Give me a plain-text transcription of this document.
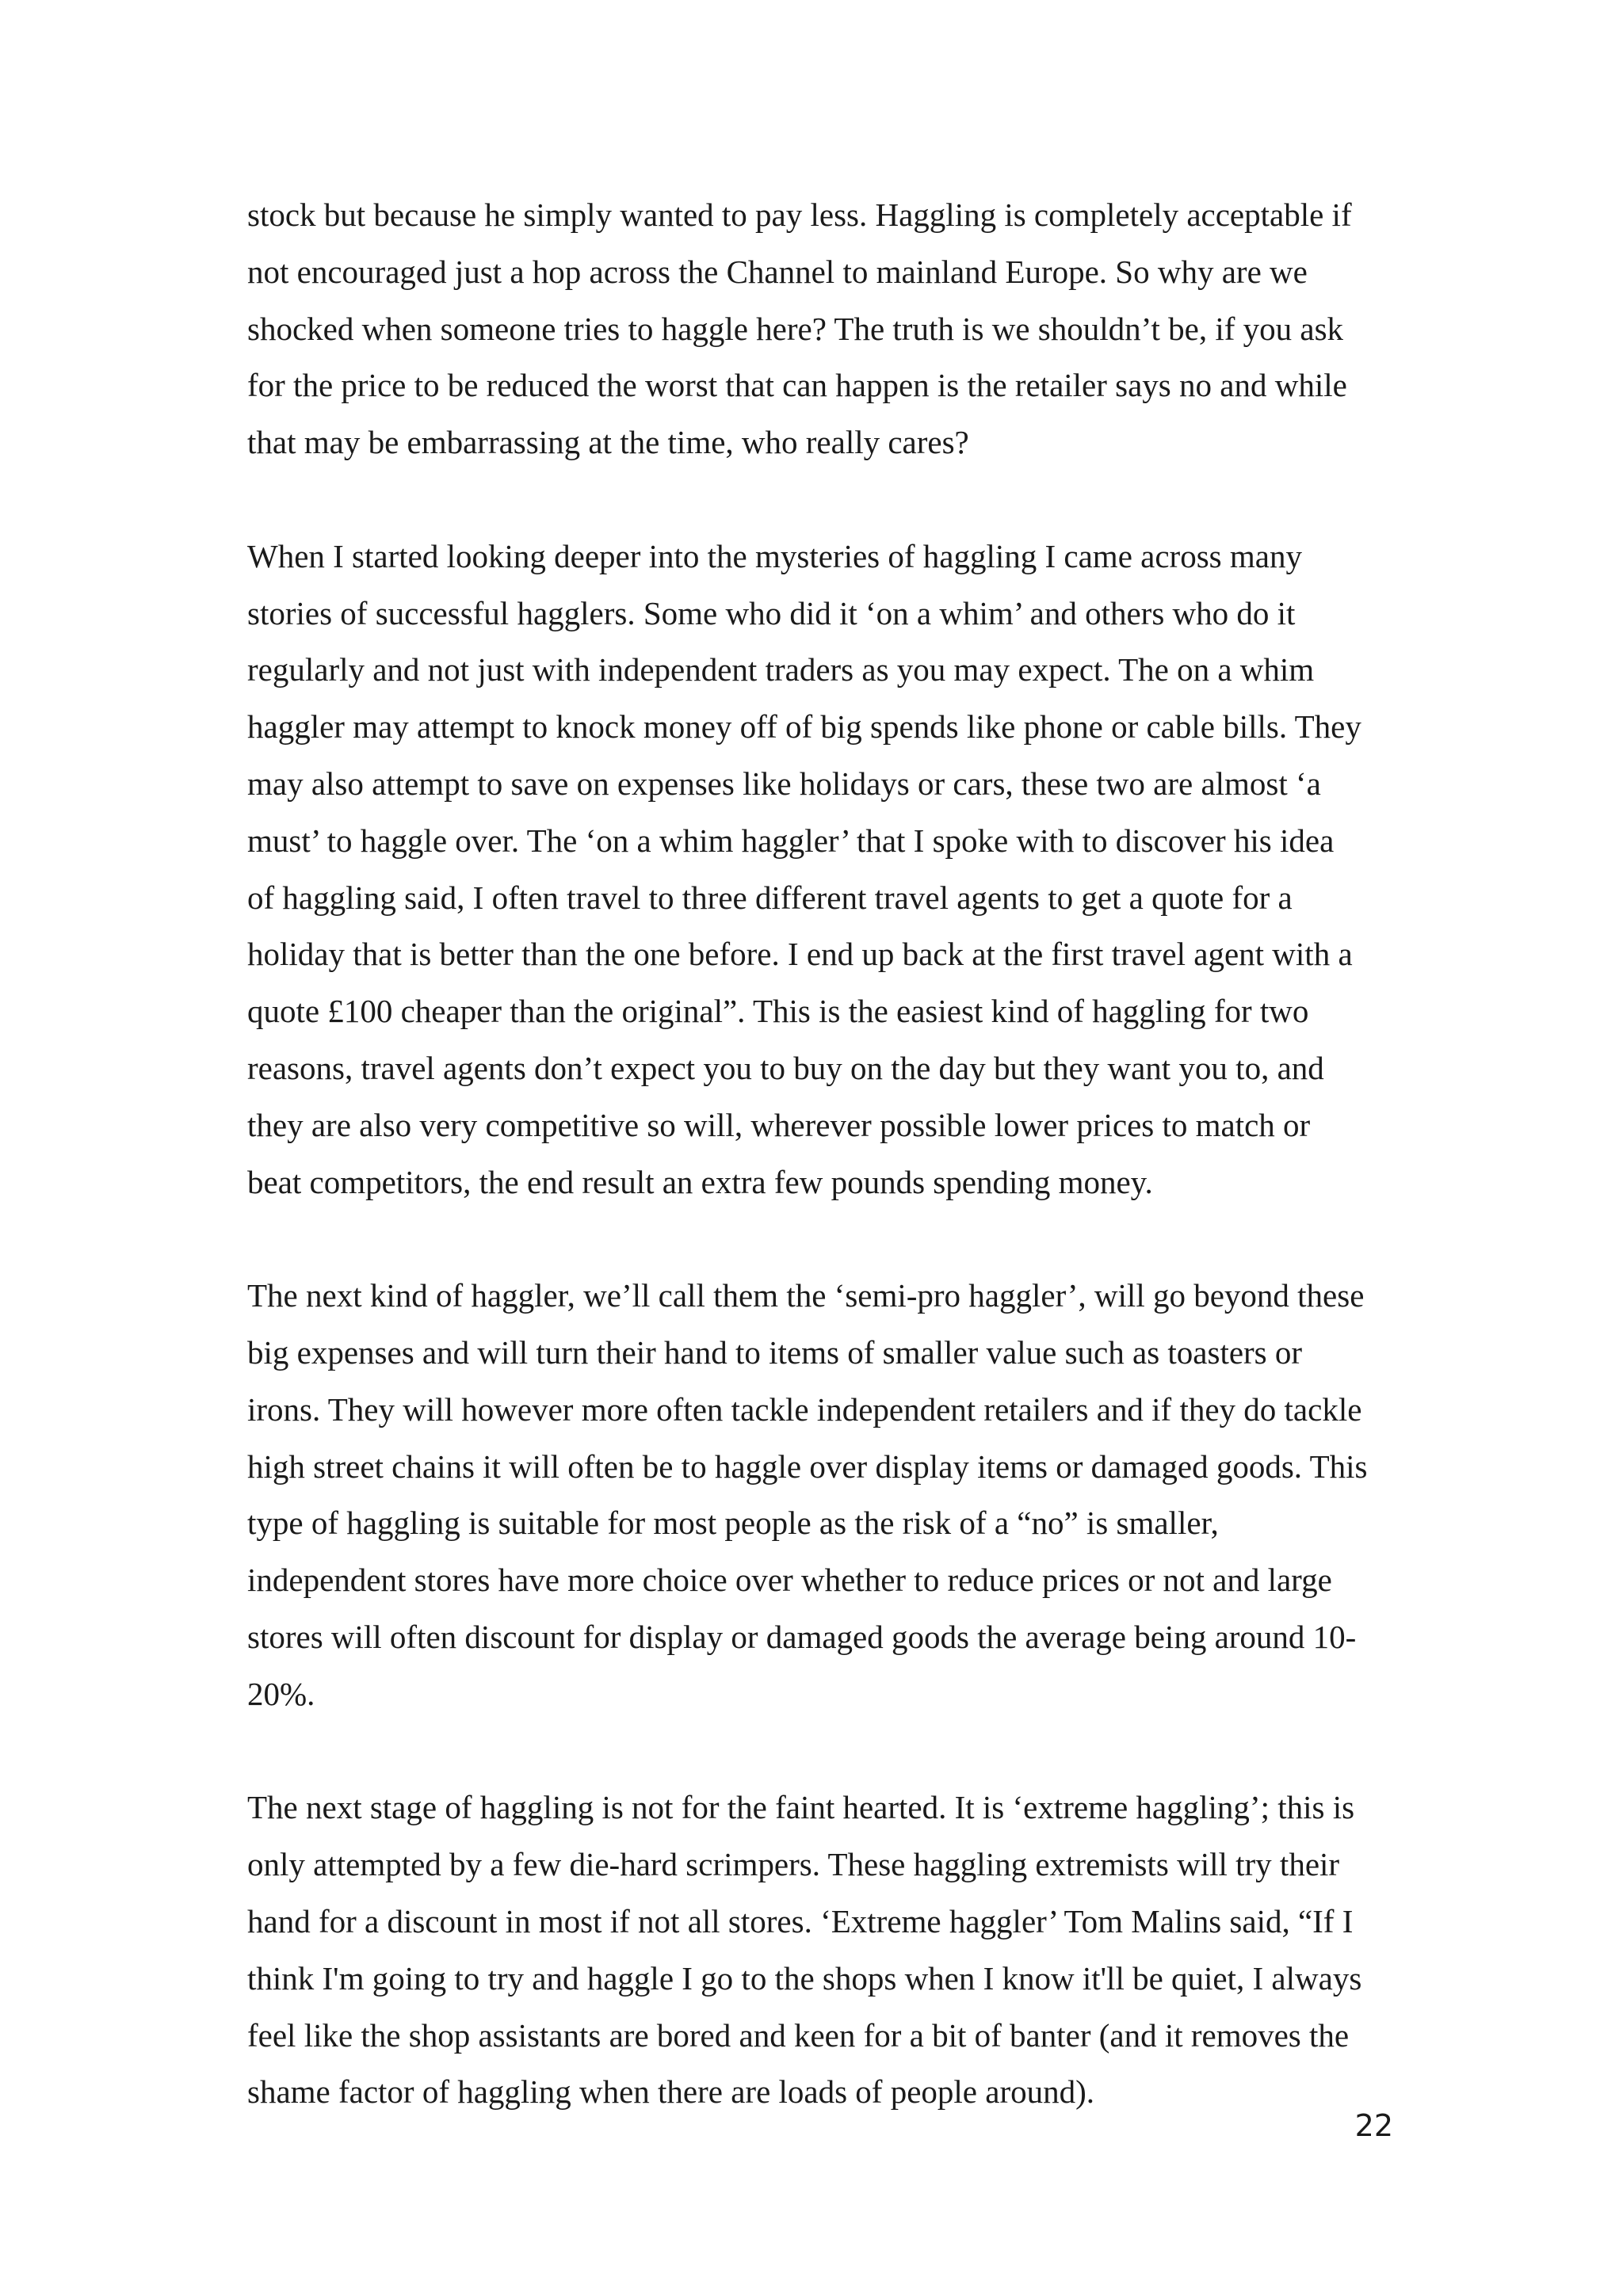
stock but because he simply wanted to pay less. Haggling is completely acceptable if
not encouraged just a hop across the Channel to mainland Europe. So why are we
shocked when someone tries to haggle here? The truth is we shouldn’t be, if you ask
for the price to be reduced the worst that can happen is the retailer says no and while
that may be embarrassing at the time, who really cares?

When I started looking deeper into the mysteries of haggling I came across many
stories of successful hagglers. Some who did it ‘on a whim’ and others who do it
regularly and not just with independent traders as you may expect. The on a whim
haggler may attempt to knock money off of big spends like phone or cable bills. They
may also attempt to save on expenses like holidays or cars, these two are almost ‘a
must’ to haggle over. The ‘on a whim haggler’ that I spoke with to discover his idea
of haggling said, I often travel to three different travel agents to get a quote for a
holiday that is better than the one before. I end up back at the first travel agent with a
quote £100 cheaper than the original”. This is the easiest kind of haggling for two
reasons, travel agents don’t expect you to buy on the day but they want you to, and
they are also very competitive so will, wherever possible lower prices to match or
beat competitors, the end result an extra few pounds spending money.

The next kind of haggler, we’ll call them the ‘semi-pro haggler’, will go beyond these
big expenses and will turn their hand to items of smaller value such as toasters or
irons. They will however more often tackle independent retailers and if they do tackle
high street chains it will often be to haggle over display items or damaged goods. This
type of haggling is suitable for most people as the risk of a “no” is smaller,
independent stores have more choice over whether to reduce prices or not and large
stores will often discount for display or damaged goods the average being around 10-
20%.

The next stage of haggling is not for the faint hearted. It is ‘extreme haggling’; this is
only attempted by a few die-hard scrimpers. These haggling extremists will try their
hand for a discount in most if not all stores. ‘Extreme haggler’ Tom Malins said, “If I
think I'm going to try and haggle I go to the shops when I know it'll be quiet, I always
feel like the shop assistants are bored and keen for a bit of banter (and it removes the
shame factor of haggling when there are loads of people around).

22
